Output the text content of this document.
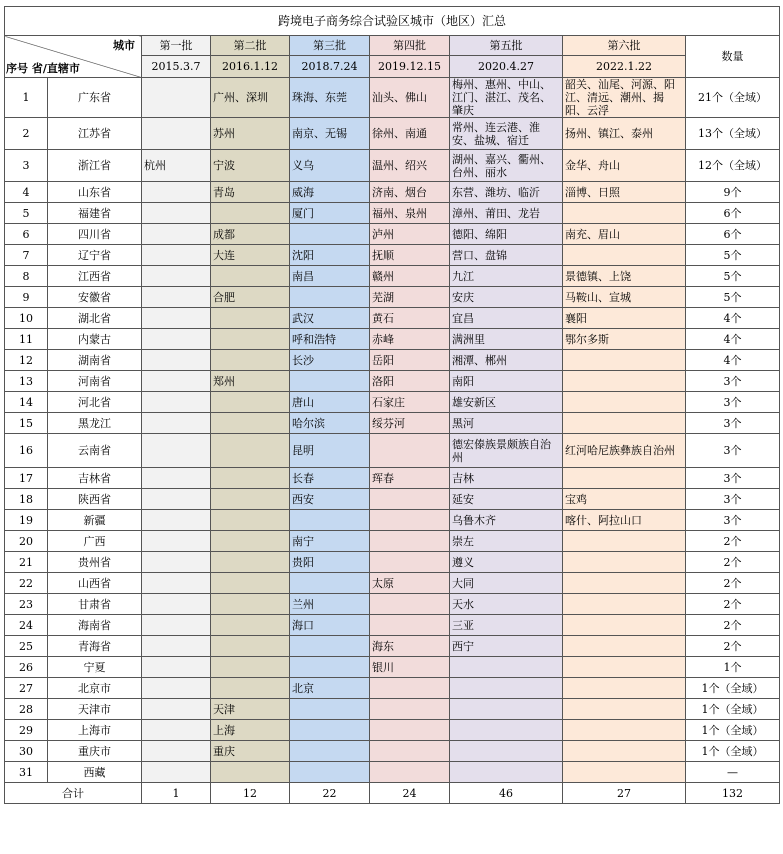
跨境电子商务综合试验区城市（地区）汇总								

城市
序号 省/直辖市		第一批	第二批	第三批	第四批	第五批	第六批	数量
		2015.3.7	2016.1.12	2018.7.24	2019.12.15	2020.4.27	2022.1.22	
1	广东省		广州、深圳	珠海、东莞	汕头、佛山	梅州、惠州、中山、江门、湛江、茂名、肇庆	韶关、汕尾、河源、阳江、清远、潮州、揭阳、云浮	21个（全域）
2	江苏省		苏州	南京、无锡	徐州、南通	常州、连云港、淮安、盐城、宿迁	扬州、镇江、泰州	13个（全域）
3	浙江省	杭州	宁波	义乌	温州、绍兴	湖州、嘉兴、衢州、台州、丽水	金华、舟山	12个（全域）
4	山东省		青岛	威海	济南、烟台	东营、潍坊、临沂	淄博、日照	9个
5	福建省			厦门	福州、泉州	漳州、莆田、龙岩		6个
6	四川省		成都		泸州	德阳、绵阳	南充、眉山	6个
7	辽宁省		大连	沈阳	抚顺	营口、盘锦		5个
8	江西省			南昌	赣州	九江	景德镇、上饶	5个
9	安徽省		合肥		芜湖	安庆	马鞍山、宣城	5个
10	湖北省			武汉	黄石	宜昌	襄阳	4个
11	内蒙古			呼和浩特	赤峰	满洲里	鄂尔多斯	4个
12	湖南省			长沙	岳阳	湘潭、郴州		4个
13	河南省		郑州		洛阳	南阳		3个
14	河北省			唐山	石家庄	雄安新区		3个
15	黑龙江			哈尔滨	绥芬河	黑河		3个
16	云南省			昆明		德宏傣族景颇族自治州	红河哈尼族彝族自治州	3个
17	吉林省			长春	珲春	吉林		3个
18	陕西省			西安		延安	宝鸡	3个
19	新疆					乌鲁木齐	喀什、阿拉山口	3个
20	广西			南宁		崇左		2个
21	贵州省			贵阳		遵义		2个
22	山西省				太原	大同		2个
23	甘肃省			兰州		天水		2个
24	海南省			海口		三亚		2个
25	青海省				海东	西宁		2个
26	宁夏				银川			1个
27	北京市			北京				1个（全域）
28	天津市		天津					1个（全域）
29	上海市		上海					1个（全域）
30	重庆市		重庆					1个（全域）
31	西藏							—
合计		1	12	22	24	46	27	132
